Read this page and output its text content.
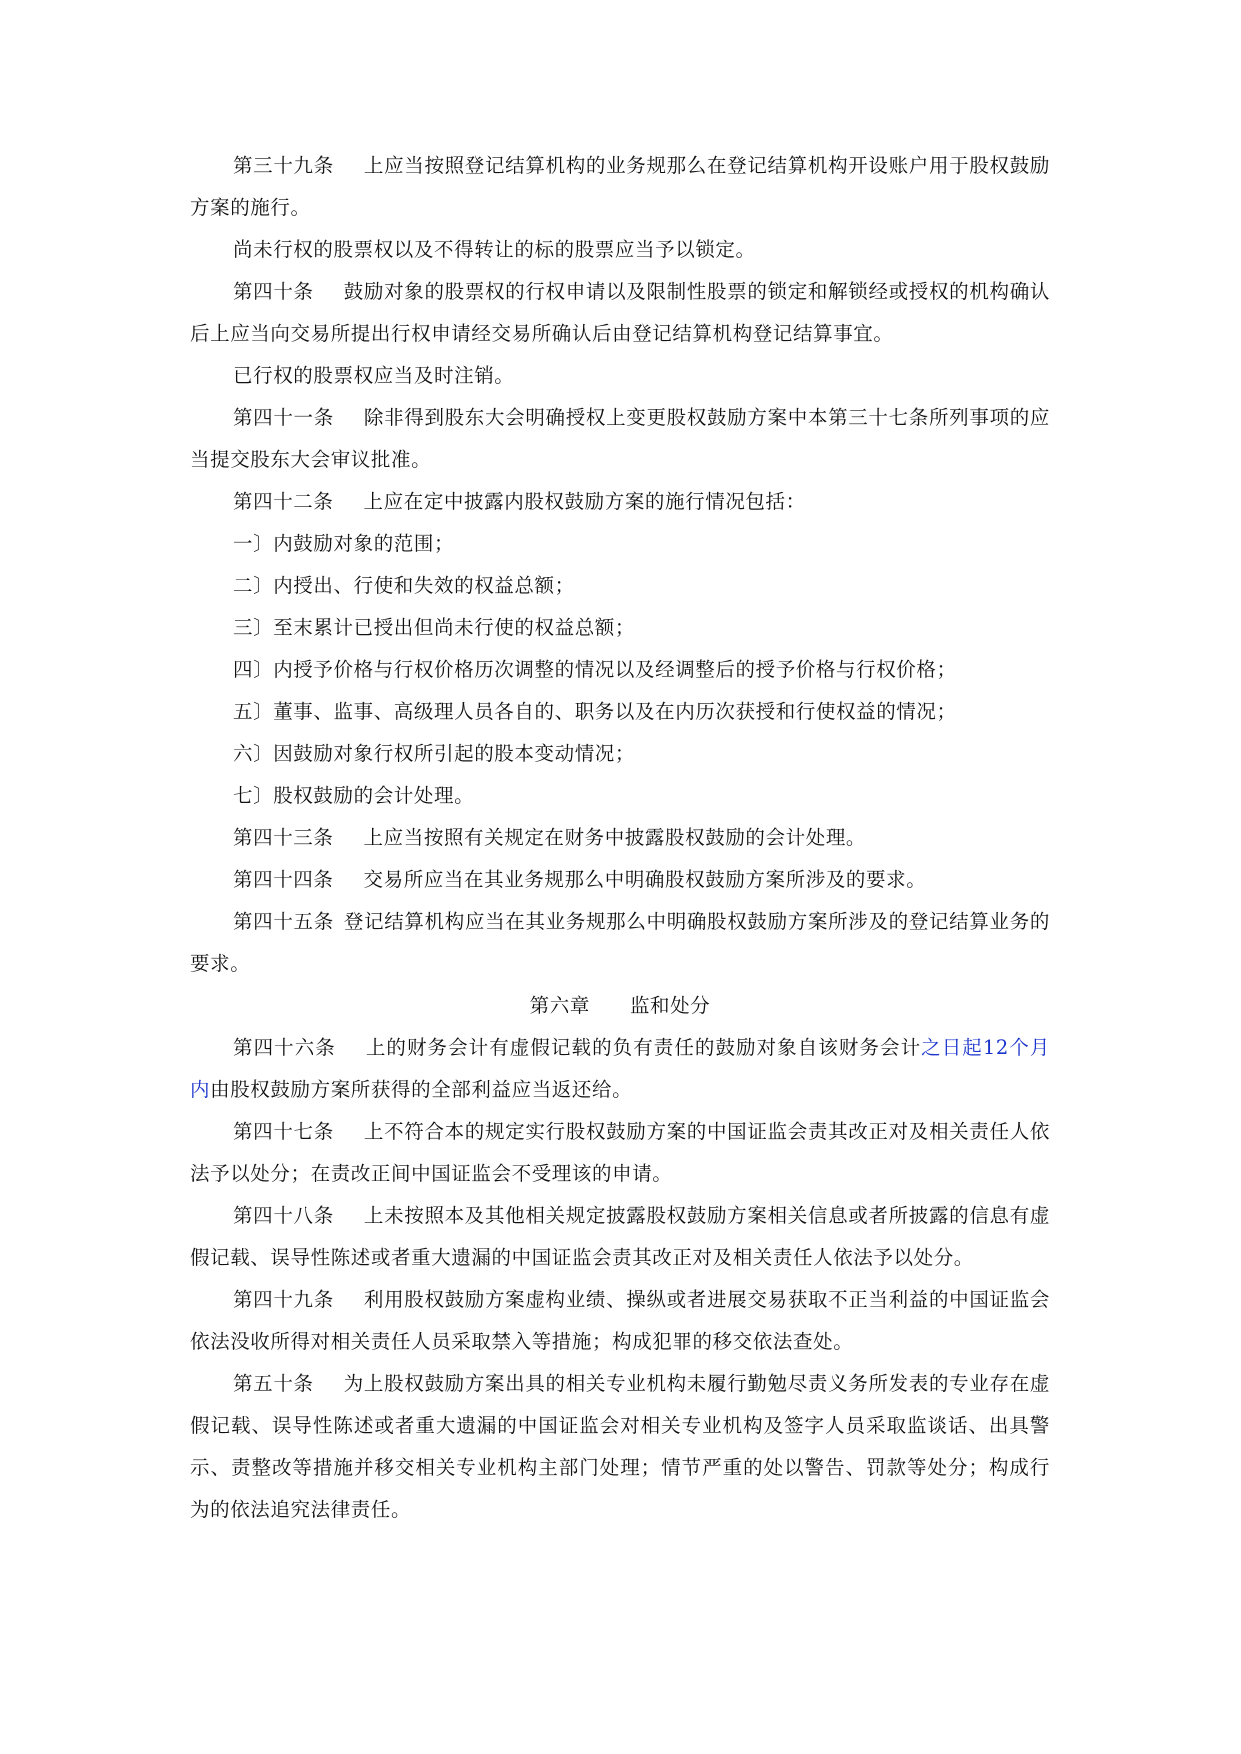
第三十九条 上应当按照登记结算机构的业务规那么在登记结算机构开设账户用于股权鼓励方案的施行。

尚未行权的股票权以及不得转让的标的股票应当予以锁定。

第四十条 鼓励对象的股票权的行权申请以及限制性股票的锁定和解锁经或授权的机构确认后上应当向交易所提出行权申请经交易所确认后由登记结算机构登记结算事宜。

已行权的股票权应当及时注销。

第四十一条 除非得到股东大会明确授权上变更股权鼓励方案中本第三十七条所列事项的应当提交股东大会审议批准。

第四十二条 上应在定中披露内股权鼓励方案的施行情况包括：

一〕内鼓励对象的范围；

二〕内授出、行使和失效的权益总额；

三〕至末累计已授出但尚未行使的权益总额；

四〕内授予价格与行权价格历次调整的情况以及经调整后的授予价格与行权价格；

五〕董事、监事、高级理人员各自的、职务以及在内历次获授和行使权益的情况；

六〕因鼓励对象行权所引起的股本变动情况；

七〕股权鼓励的会计处理。

第四十三条 上应当按照有关规定在财务中披露股权鼓励的会计处理。

第四十四条 交易所应当在其业务规那么中明确股权鼓励方案所涉及的要求。

第四十五条 登记结算机构应当在其业务规那么中明确股权鼓励方案所涉及的登记结算业务的要求。

第六章 监和处分

第四十六条 上的财务会计有虚假记载的负有责任的鼓励对象自该财务会计之日起12个月内由股权鼓励方案所获得的全部利益应当返还给。

第四十七条 上不符合本的规定实行股权鼓励方案的中国证监会责其改正对及相关责任人依法予以处分；在责改正间中国证监会不受理该的申请。

第四十八条 上未按照本及其他相关规定披露股权鼓励方案相关信息或者所披露的信息有虚假记载、误导性陈述或者重大遗漏的中国证监会责其改正对及相关责任人依法予以处分。

第四十九条 利用股权鼓励方案虚构业绩、操纵或者进展交易获取不正当利益的中国证监会依法没收所得对相关责任人员采取禁入等措施；构成犯罪的移交依法查处。

第五十条 为上股权鼓励方案出具的相关专业机构未履行勤勉尽责义务所发表的专业存在虚假记载、误导性陈述或者重大遗漏的中国证监会对相关专业机构及签字人员采取监谈话、出具警示、责整改等措施并移交相关专业机构主部门处理；情节严重的处以警告、罚款等处分；构成行为的依法追究法律责任。
